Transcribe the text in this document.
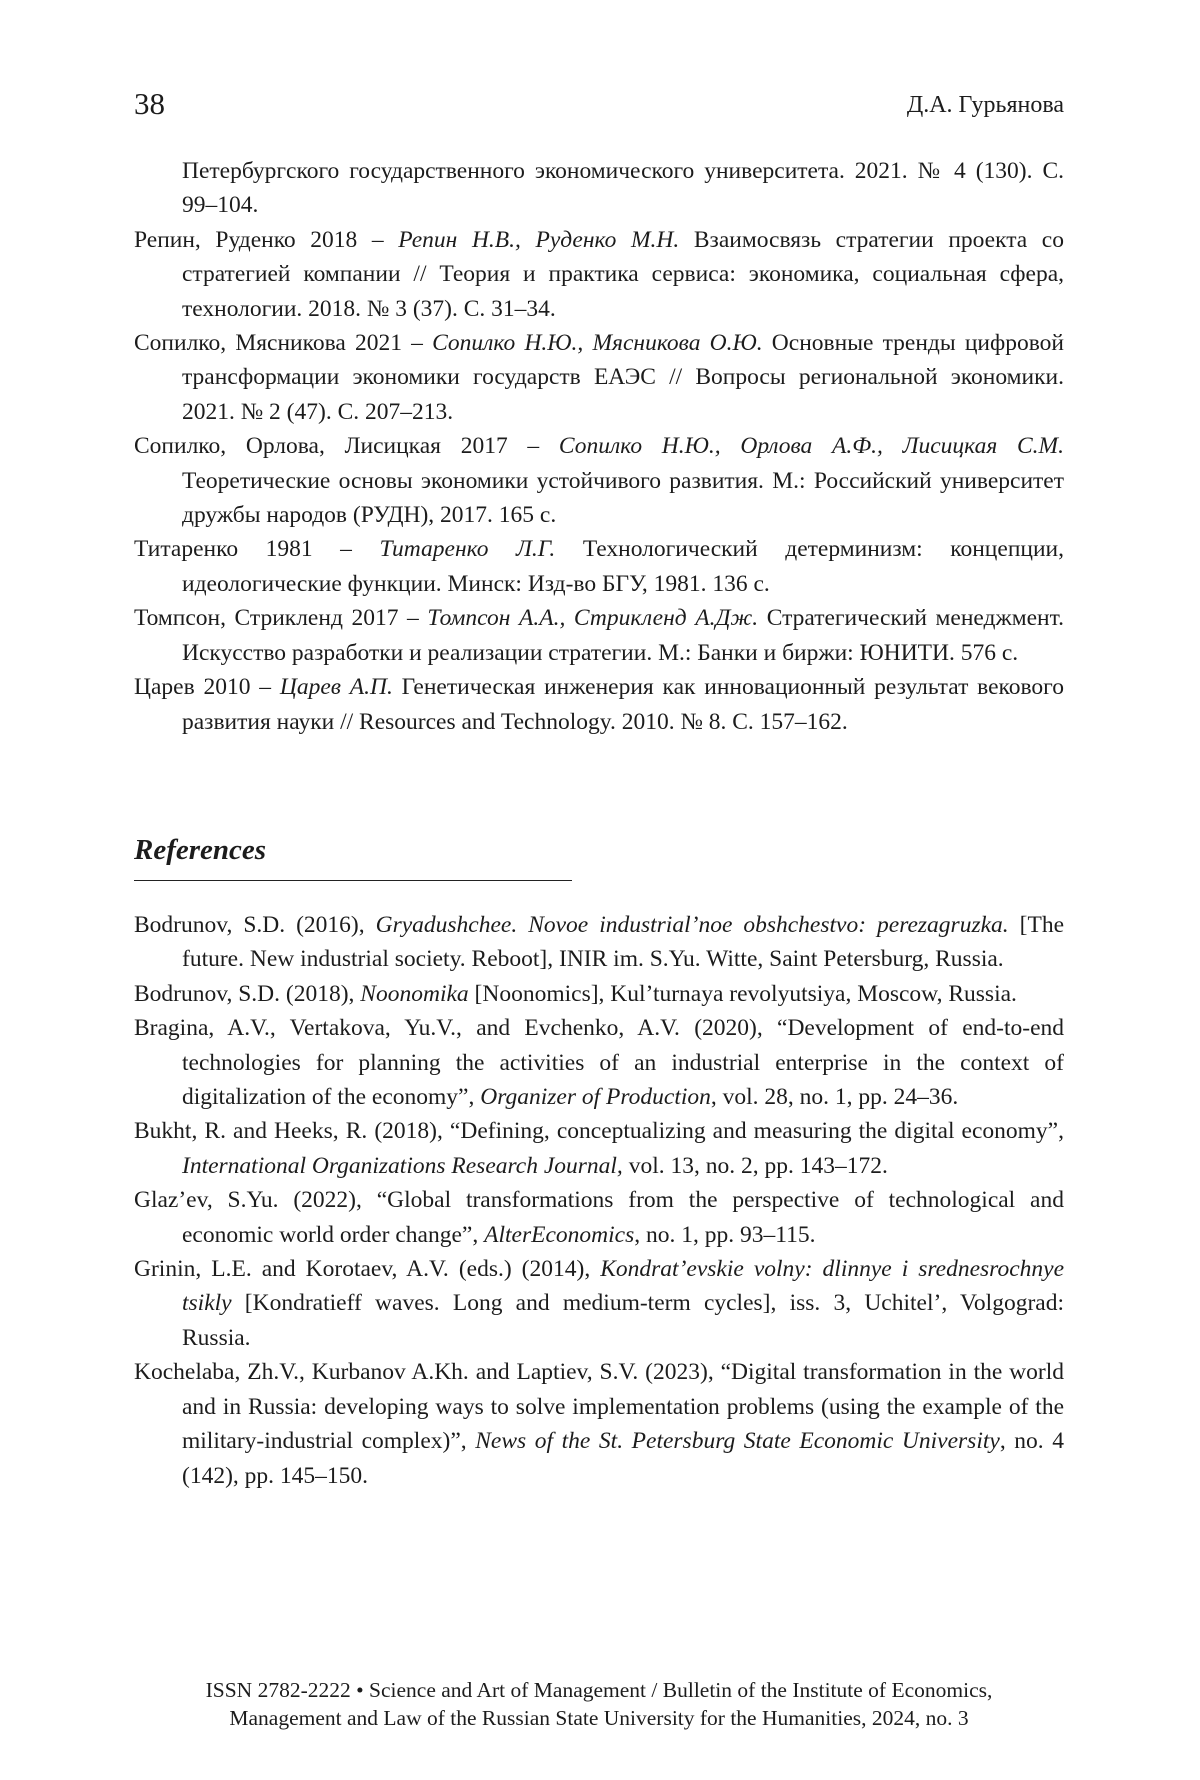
38	Д.А. Гурьянова

Петербургского государственного экономического университета. 2021. № 4 (130). С. 99–104.

Репин, Руденко 2018 – Репин Н.В., Руденко М.Н. Взаимосвязь стратегии проекта со стратегией компании // Теория и практика сервиса: экономика, социальная сфера, технологии. 2018. № 3 (37). С. 31–34.

Сопилко, Мясникова 2021 – Сопилко Н.Ю., Мясникова О.Ю. Основные тренды цифровой трансформации экономики государств ЕАЭС // Вопросы региональной экономики. 2021. № 2 (47). С. 207–213.

Сопилко, Орлова, Лисицкая 2017 – Сопилко Н.Ю., Орлова А.Ф., Лисицкая С.М. Теоретические основы экономики устойчивого развития. М.: Российский университет дружбы народов (РУДН), 2017. 165 с.

Титаренко 1981 – Титаренко Л.Г. Технологический детерминизм: концепции, идеологические функции. Минск: Изд-во БГУ, 1981. 136 с.

Томпсон, Стрикленд 2017 – Томпсон А.А., Стрикленд А.Дж. Стратегический менеджмент. Искусство разработки и реализации стратегии. М.: Банки и биржи: ЮНИТИ. 576 с.

Царев 2010 – Царев А.П. Генетическая инженерия как инновационный результат векового развития науки // Resources and Technology. 2010. № 8. С. 157–162.

References

Bodrunov, S.D. (2016), Gryadushchee. Novoe industrial’noe obshchestvo: perezagruzka. [The future. New industrial society. Reboot], INIR im. S.Yu. Witte, Saint Petersburg, Russia.

Bodrunov, S.D. (2018), Noonomika [Noonomics], Kul’turnaya revolyutsiya, Moscow, Russia.

Bragina, A.V., Vertakova, Yu.V., and Evchenko, A.V. (2020), “Development of end-to-end technologies for planning the activities of an industrial enterprise in the context of digitalization of the economy”, Organizer of Production, vol. 28, no. 1, pp. 24–36.

Bukht, R. and Heeks, R. (2018), “Defining, conceptualizing and measuring the digital economy”, International Organizations Research Journal, vol. 13, no. 2, pp. 143–172.

Glaz’ev, S.Yu. (2022), “Global transformations from the perspective of technological and economic world order change”, AlterEconomics, no. 1, pp. 93–115.

Grinin, L.E. and Korotaev, A.V. (eds.) (2014), Kondrat’evskie volny: dlinnye i srednesrochnye tsikly [Kondratieff waves. Long and medium-term cycles], iss. 3, Uchitel’, Volgograd: Russia.

Kochelaba, Zh.V., Kurbanov A.Kh. and Laptiev, S.V. (2023), “Digital transformation in the world and in Russia: developing ways to solve implementation problems (using the example of the military-industrial complex)”, News of the St. Petersburg State Economic University, no. 4 (142), pp. 145–150.

ISSN 2782-2222 • Science and Art of Management / Bulletin of the Institute of Economics,

Management and Law of the Russian State University for the Humanities, 2024, no. 3
